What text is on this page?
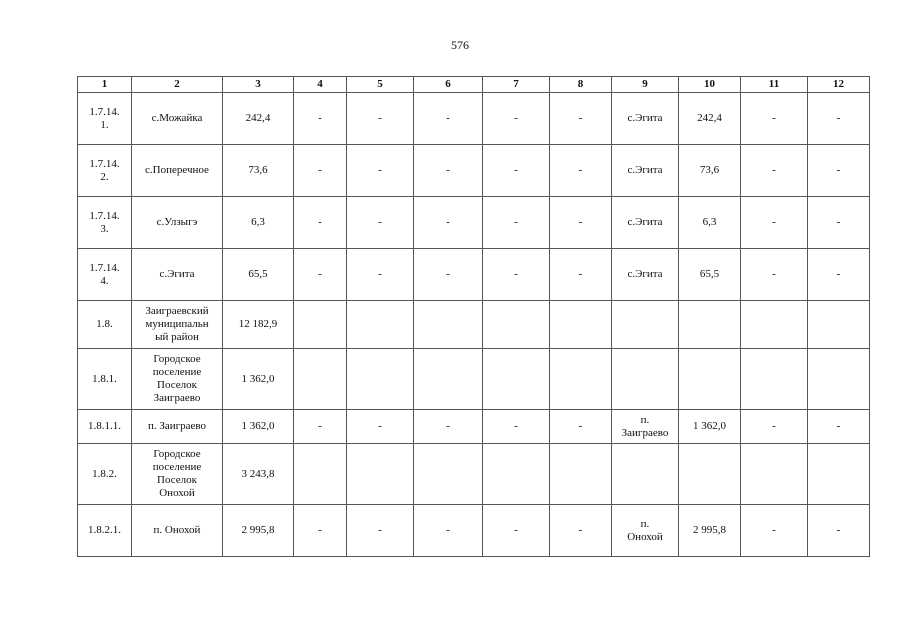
576
1	2	3	4	5	6	7	8	9	10	11	12
1.7.14.
1.	с.Можайка	242,4	-	-	-	-	-	с.Эгита	242,4	-	-
1.7.14.
2.	с.Поперечное	73,6	-	-	-	-	-	с.Эгита	73,6	-	-
1.7.14.
3.	с.Улзыгэ	6,3	-	-	-	-	-	с.Эгита	6,3	-	-
1.7.14.
4.	с.Эгита	65,5	-	-	-	-	-	с.Эгита	65,5	-	-
1.8.	Заиграевский
муниципальн
ый район	12 182,9									
1.8.1.	Городское
поселение
Поселок
Заиграево	1 362,0									
1.8.1.1.	п. Заиграево	1 362,0	-	-	-	-	-	п.
Заиграево	1 362,0	-	-
1.8.2.	Городское
поселение
Поселок
Онохой	3 243,8									
1.8.2.1.	п. Онохой	2 995,8	-	-	-	-	-	п.
Онохой	2 995,8	-	-
